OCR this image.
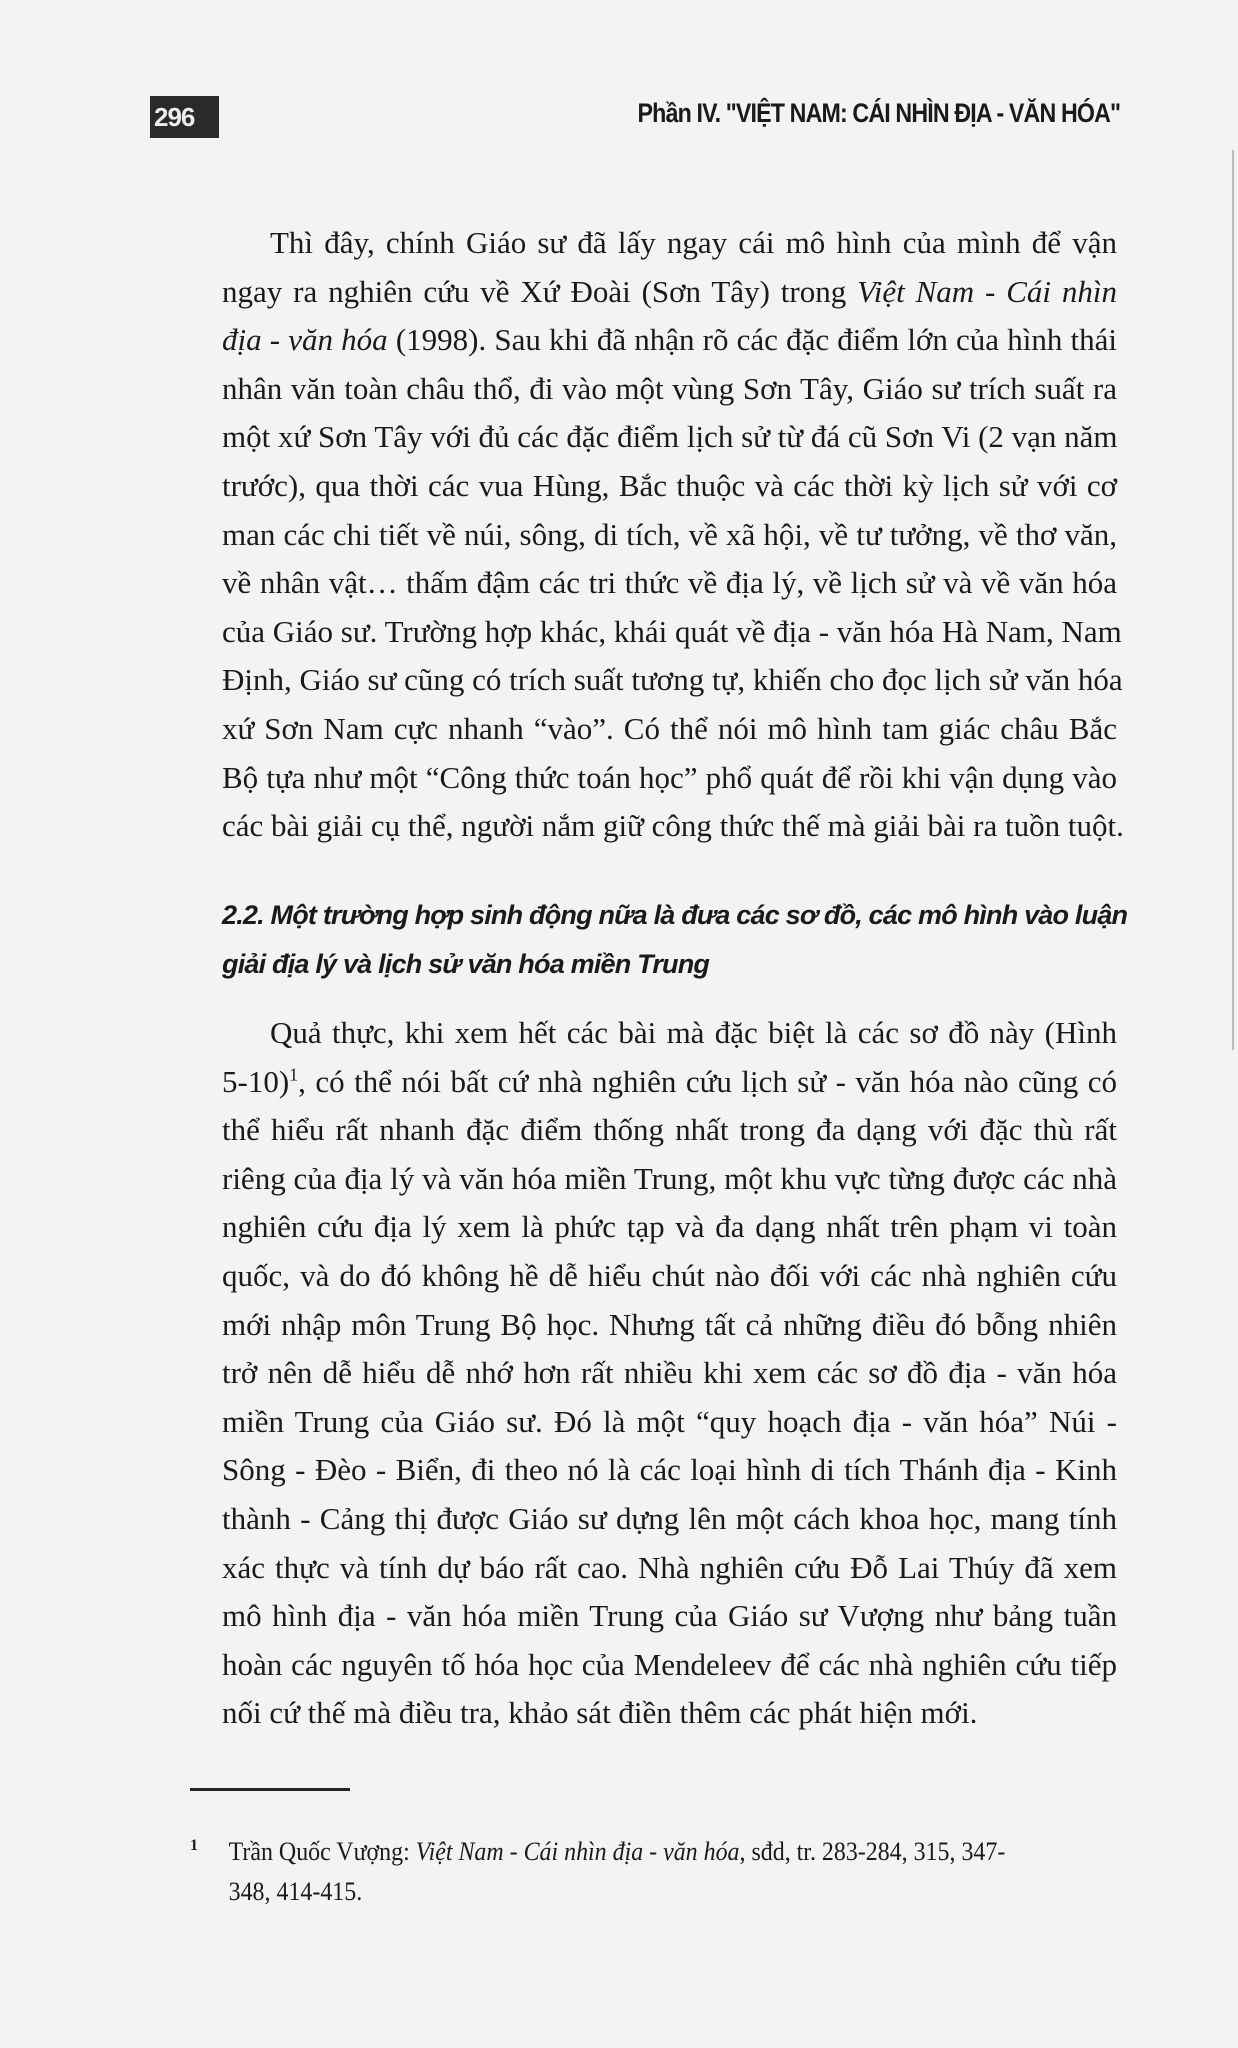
296	Phần IV. "VIỆT NAM: CÁI NHÌN ĐỊA - VĂN HÓA"
Thì đây, chính Giáo sư đã lấy ngay cái mô hình của mình để vận
ngay ra nghiên cứu về Xứ Đoài (Sơn Tây) trong Việt Nam - Cái nhìn
địa - văn hóa (1998). Sau khi đã nhận rõ các đặc điểm lớn của hình thái
nhân văn toàn châu thổ, đi vào một vùng Sơn Tây, Giáo sư trích suất ra
một xứ Sơn Tây với đủ các đặc điểm lịch sử từ đá cũ Sơn Vi (2 vạn năm
trước), qua thời các vua Hùng, Bắc thuộc và các thời kỳ lịch sử với cơ
man các chi tiết về núi, sông, di tích, về xã hội, về tư tưởng, về thơ văn,
về nhân vật… thấm đậm các tri thức về địa lý, về lịch sử và về văn hóa
của Giáo sư. Trường hợp khác, khái quát về địa - văn hóa Hà Nam, Nam
Định, Giáo sư cũng có trích suất tương tự, khiến cho đọc lịch sử văn hóa
xứ Sơn Nam cực nhanh “vào”. Có thể nói mô hình tam giác châu Bắc
Bộ tựa như một “Công thức toán học” phổ quát để rồi khi vận dụng vào
các bài giải cụ thể, người nắm giữ công thức thế mà giải bài ra tuồn tuột.
2.2. Một trường hợp sinh động nữa là đưa các sơ đồ, các mô hình vào luận
giải địa lý và lịch sử văn hóa miền Trung
Quả thực, khi xem hết các bài mà đặc biệt là các sơ đồ này (Hình
5-10)$^1$, có thể nói bất cứ nhà nghiên cứu lịch sử - văn hóa nào cũng có
thể hiểu rất nhanh đặc điểm thống nhất trong đa dạng với đặc thù rất
riêng của địa lý và văn hóa miền Trung, một khu vực từng được các nhà
nghiên cứu địa lý xem là phức tạp và đa dạng nhất trên phạm vi toàn
quốc, và do đó không hề dễ hiểu chút nào đối với các nhà nghiên cứu
mới nhập môn Trung Bộ học. Nhưng tất cả những điều đó bỗng nhiên
trở nên dễ hiểu dễ nhớ hơn rất nhiều khi xem các sơ đồ địa - văn hóa
miền Trung của Giáo sư. Đó là một “quy hoạch địa - văn hóa” Núi -
Sông - Đèo - Biển, đi theo nó là các loại hình di tích Thánh địa - Kinh
thành - Cảng thị được Giáo sư dựng lên một cách khoa học, mang tính
xác thực và tính dự báo rất cao. Nhà nghiên cứu Đỗ Lai Thúy đã xem
mô hình địa - văn hóa miền Trung của Giáo sư Vượng như bảng tuần
hoàn các nguyên tố hóa học của Mendeleev để các nhà nghiên cứu tiếp
nối cứ thế mà điều tra, khảo sát điền thêm các phát hiện mới.
1	Trần Quốc Vượng: Việt Nam - Cái nhìn địa - văn hóa, sđd, tr. 283-284, 315, 347-
348, 414-415.
